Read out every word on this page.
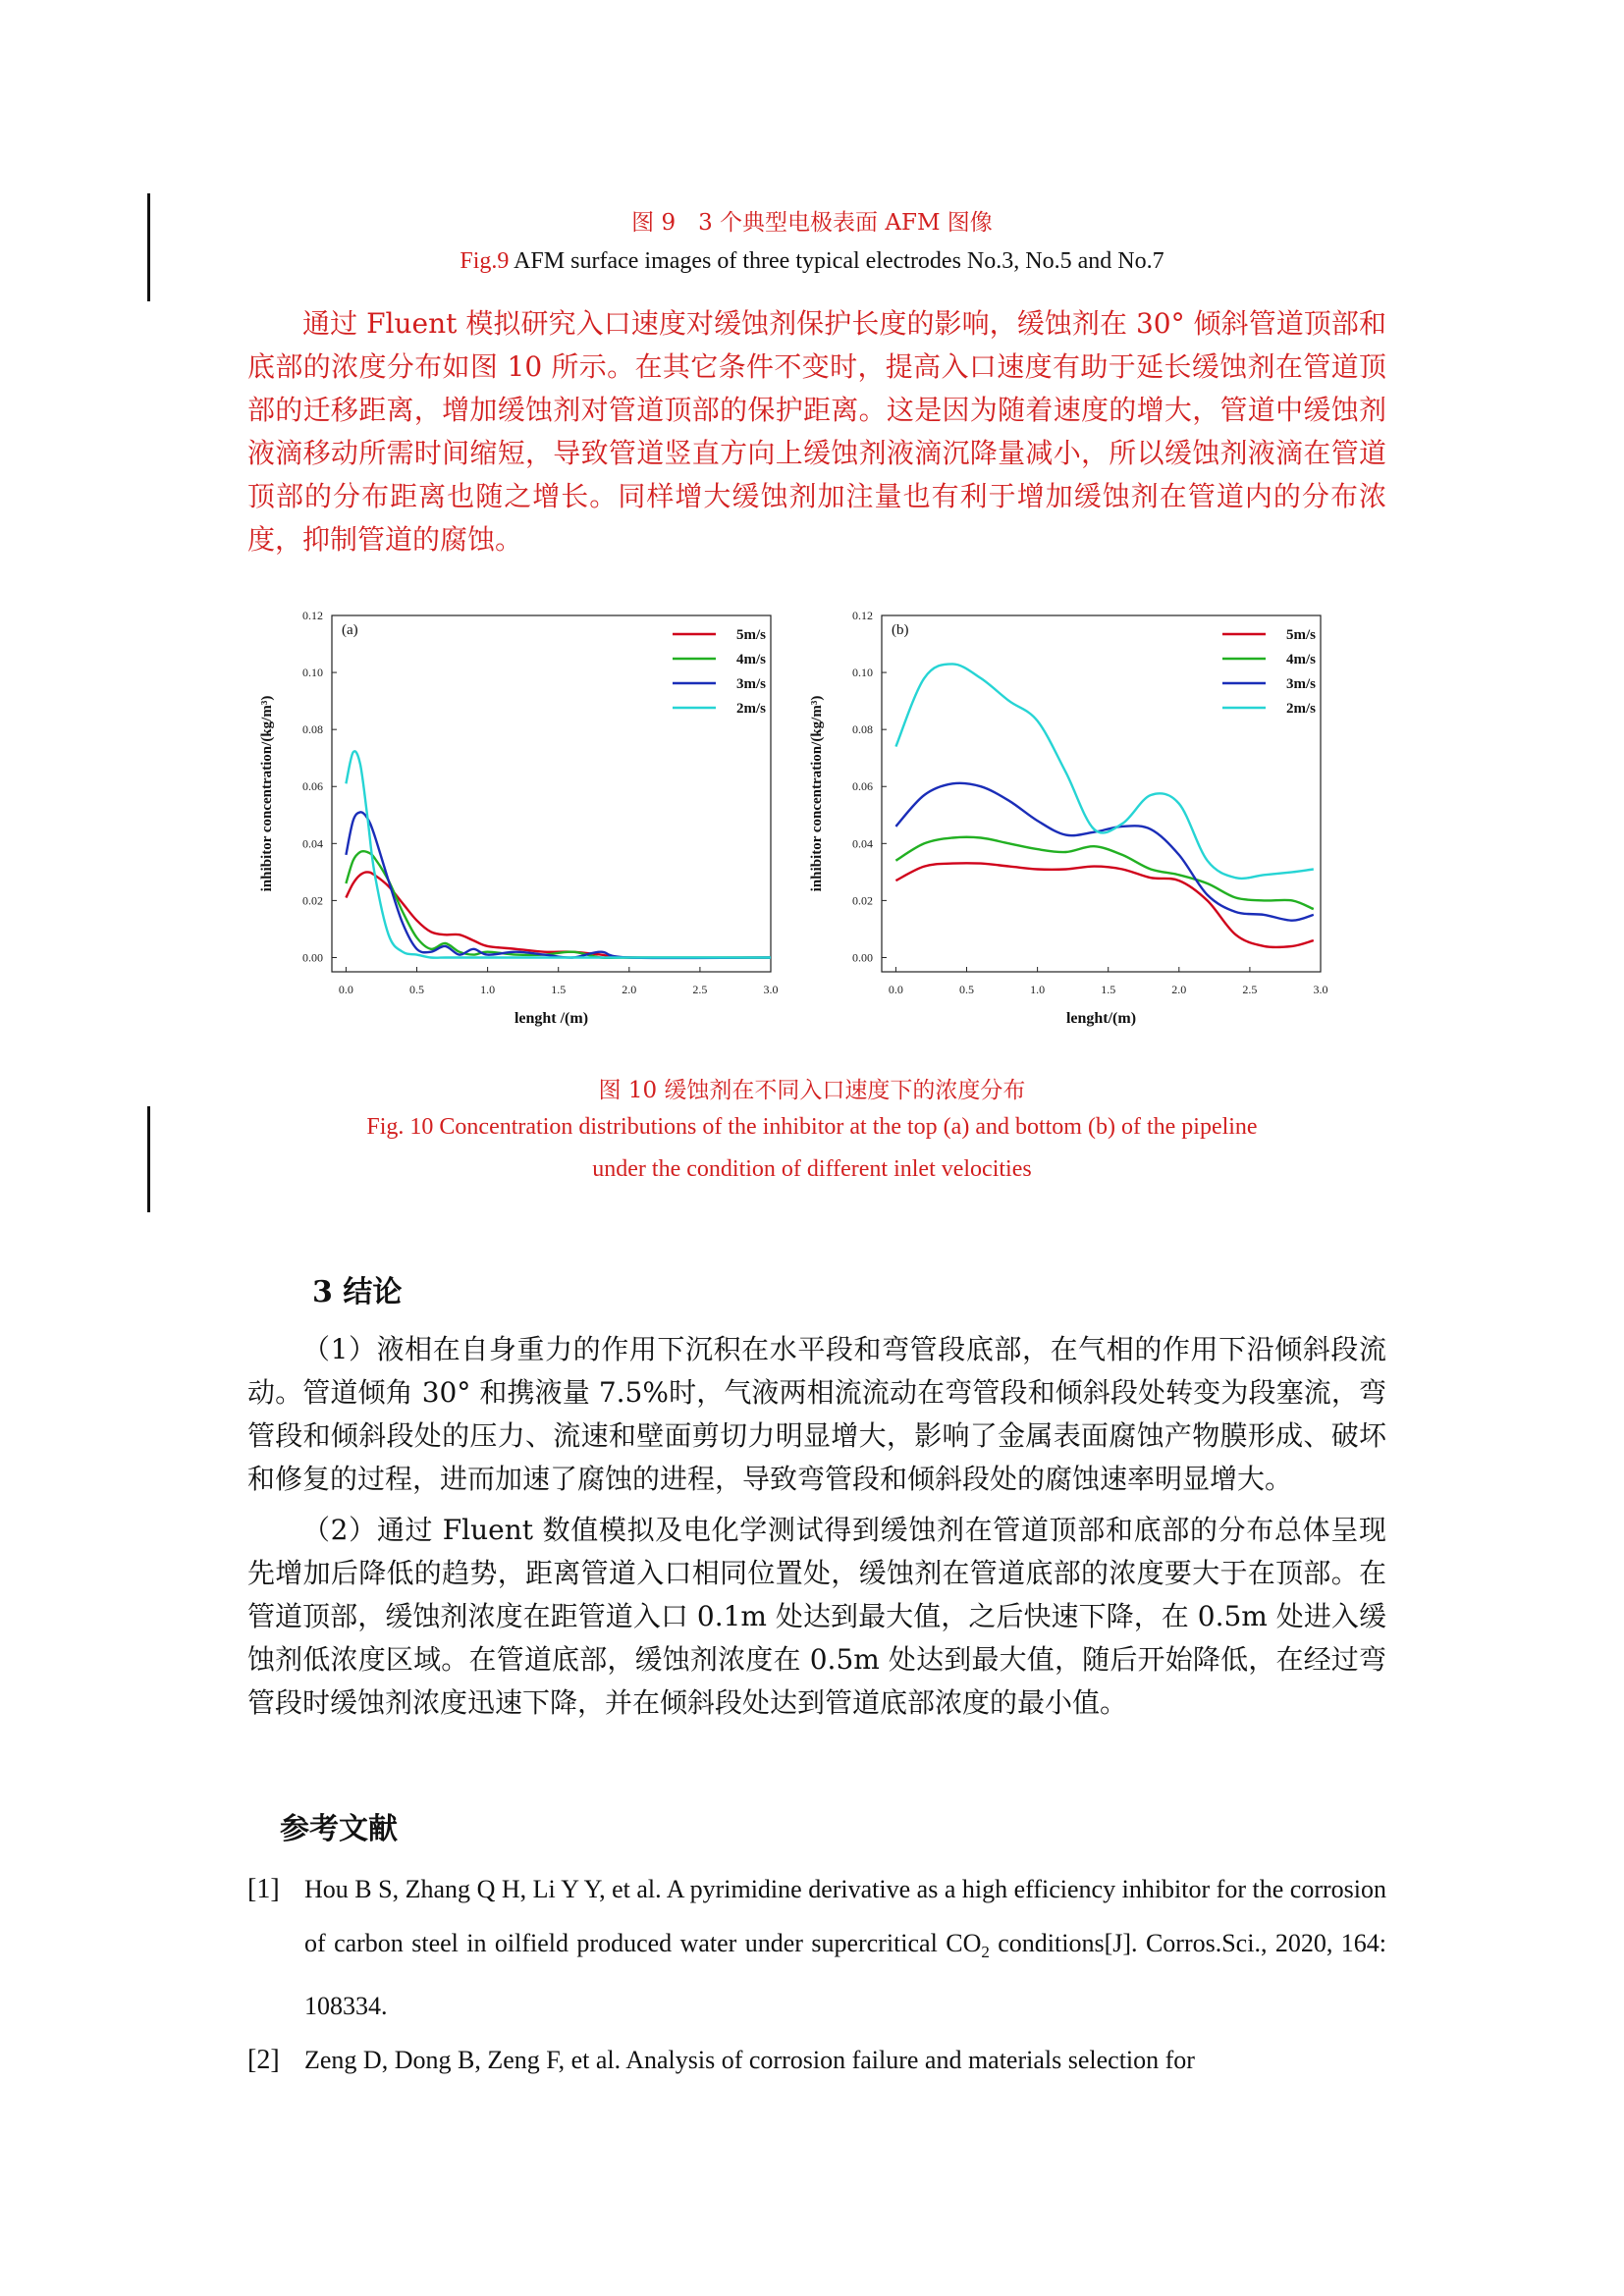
图 9　3 个典型电极表面 AFM 图像
Fig.9 AFM surface images of three typical electrodes No.3, No.5 and No.7

通过 Fluent 模拟研究入口速度对缓蚀剂保护长度的影响，缓蚀剂在 30° 倾斜管道顶部和底部的浓度分布如图 10 所示。在其它条件不变时，提高入口速度有助于延长缓蚀剂在管道顶部的迁移距离，增加缓蚀剂对管道顶部的保护距离。这是因为随着速度的增大，管道中缓蚀剂液滴移动所需时间缩短，导致管道竖直方向上缓蚀剂液滴沉降量减小，所以缓蚀剂液滴在管道顶部的分布距离也随之增长。同样增大缓蚀剂加注量也有利于增加缓蚀剂在管道内的分布浓度，抑制管道的腐蚀。

0.00
0.02
0.04
0.06
0.08
0.10
0.12
0.0	0.5	1.0	1.5	2.0	2.5	3.0
lenght /(m)
inhibitor concentration/(kg/m³)
(a)	5m/s
4m/s
3m/s
2m/s
0.00
0.02
0.04
0.06
0.08
0.10
0.12
0.0	0.5	1.0	1.5	2.0	2.5	3.0
lenght/(m)
inhibitor concentration/(kg/m³)
(b)	5m/s
4m/s
3m/s
2m/s
图 10 缓蚀剂在不同入口速度下的浓度分布
Fig. 10 Concentration distributions of the inhibitor at the top (a) and bottom (b) of the pipeline
under the condition of different inlet velocities
3 结论

（1）液相在自身重力的作用下沉积在水平段和弯管段底部，在气相的作用下沿倾斜段流动。管道倾角 30° 和携液量 7.5%时，气液两相流流动在弯管段和倾斜段处转变为段塞流，弯管段和倾斜段处的压力、流速和壁面剪切力明显增大，影响了金属表面腐蚀产物膜形成、破坏和修复的过程，进而加速了腐蚀的进程，导致弯管段和倾斜段处的腐蚀速率明显增大。

（2）通过 Fluent 数值模拟及电化学测试得到缓蚀剂在管道顶部和底部的分布总体呈现先增加后降低的趋势，距离管道入口相同位置处，缓蚀剂在管道底部的浓度要大于在顶部。在管道顶部，缓蚀剂浓度在距管道入口 0.1m 处达到最大值，之后快速下降，在 0.5m 处进入缓蚀剂低浓度区域。在管道底部，缓蚀剂浓度在 0.5m 处达到最大值，随后开始降低，在经过弯管段时缓蚀剂浓度迅速下降，并在倾斜段处达到管道底部浓度的最小值。

参考文献

[1] Hou B S, Zhang Q H, Li Y Y, et al. A pyrimidine derivative as a high efficiency inhibitor for the corrosion of carbon steel in oilfield produced water under supercritical $CO_2$ conditions[J]. Corros.Sci., 2020, 164: 108334.

[2] Zeng D, Dong B, Zeng F, et al. Analysis of corrosion failure and materials selection for
